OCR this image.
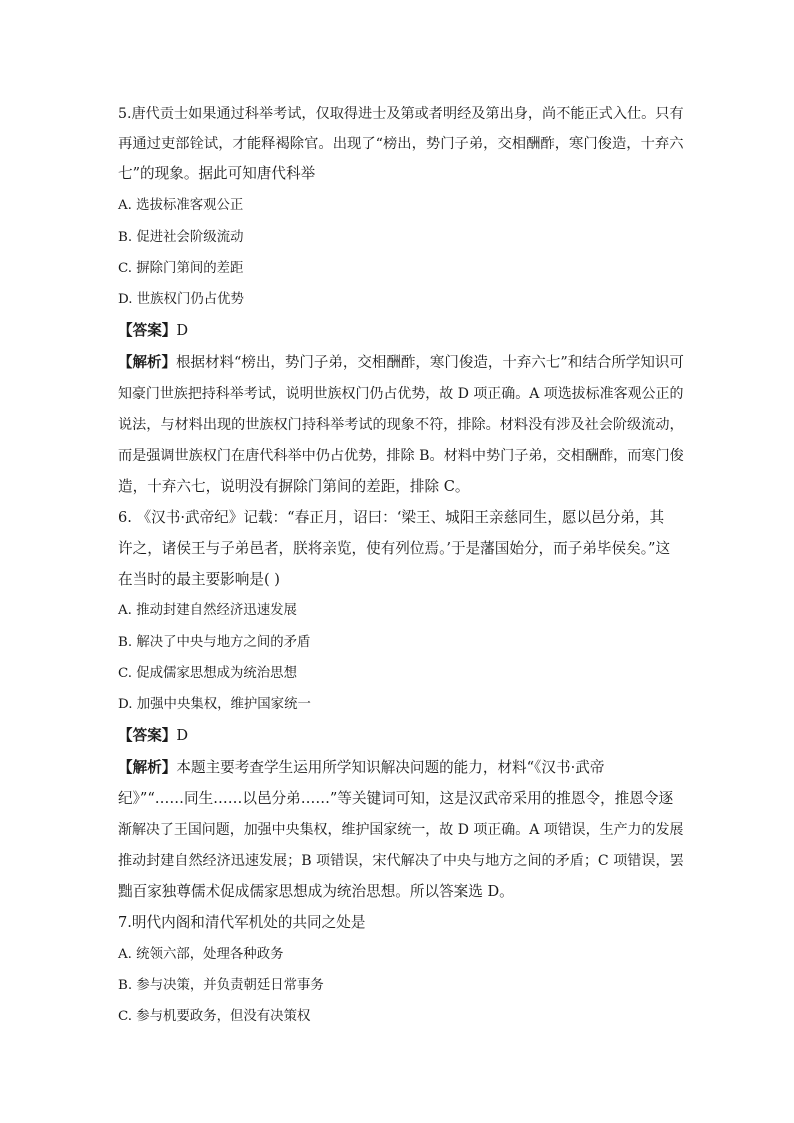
5.唐代贡士如果通过科举考试，仅取得进士及第或者明经及第出身，尚不能正式入仕。只有
再通过吏部铨试，才能释褐除官。出现了“榜出，势门子弟，交相酬酢，寒门俊造，十弃六
七”的现象。据此可知唐代科举
A. 选拔标准客观公正
B. 促进社会阶级流动
C. 摒除门第间的差距
D. 世族权门仍占优势
【答案】D
【解析】根据材料“榜出，势门子弟，交相酬酢，寒门俊造，十弃六七”和结合所学知识可
知豪门世族把持科举考试，说明世族权门仍占优势，故 D 项正确。A 项选拔标准客观公正的
说法，与材料出现的世族权门持科举考试的现象不符，排除。材料没有涉及社会阶级流动，
而是强调世族权门在唐代科举中仍占优势，排除 B。材料中势门子弟，交相酬酢，而寒门俊
造，十弃六七，说明没有摒除门第间的差距，排除 C。
6. 《汉书·武帝纪》记载：“春正月，诏曰：‘梁王、城阳王亲慈同生，愿以邑分弟，其
许之，诸侯王与子弟邑者，朕将亲览，使有列位焉。’于是藩国始分，而子弟毕侯矣。”这
在当时的最主要影响是( )
A. 推动封建自然经济迅速发展
B. 解决了中央与地方之间的矛盾
C. 促成儒家思想成为统治思想
D. 加强中央集权，维护国家统一
【答案】D
【解析】本题主要考查学生运用所学知识解决问题的能力，材料“《汉书·武帝
纪》”“……同生……以邑分弟……”等关键词可知，这是汉武帝采用的推恩令，推恩令逐
渐解决了王国问题，加强中央集权，维护国家统一，故 D 项正确。A 项错误，生产力的发展
推动封建自然经济迅速发展；B 项错误，宋代解决了中央与地方之间的矛盾；C 项错误，罢
黜百家独尊儒术促成儒家思想成为统治思想。所以答案选 D。
7.明代内阁和清代军机处的共同之处是
A. 统领六部，处理各种政务
B. 参与决策，并负责朝廷日常事务
C. 参与机要政务，但没有决策权
